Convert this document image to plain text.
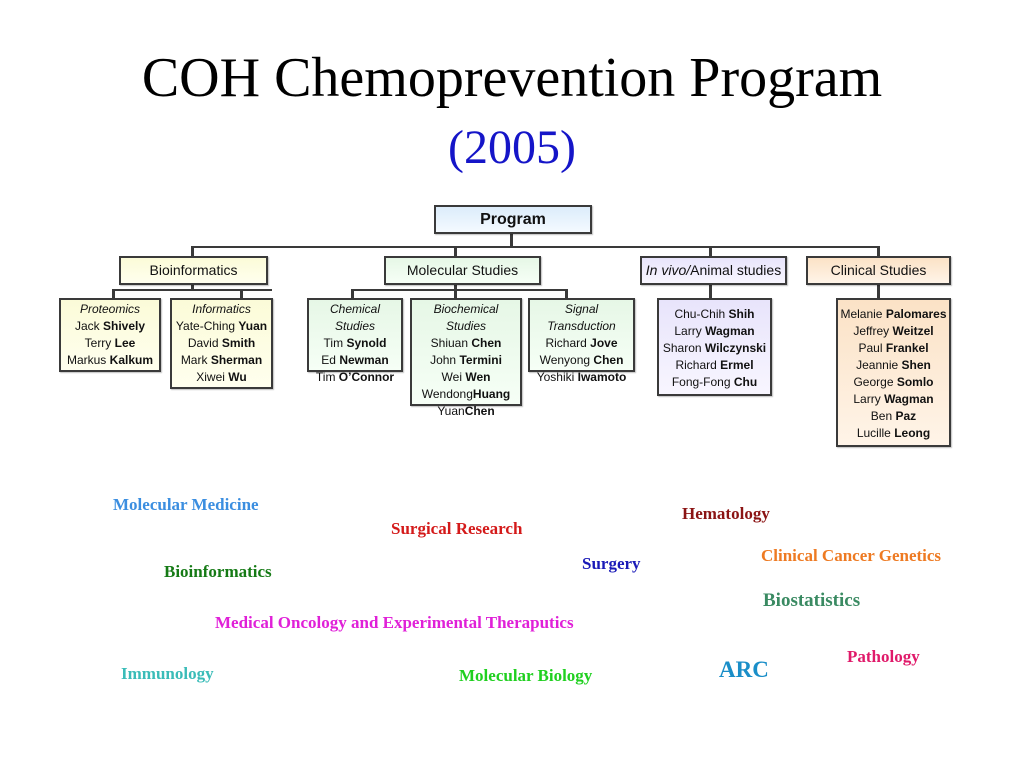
COH Chemoprevention Program
(2005)
Program
Bioinformatics	Molecular Studies	In vivo/Animal studies	Clinical Studies
Proteomics
Jack Shively
Terry Lee
Markus Kalkum
Informatics
Yate-Ching Yuan
David Smith
Mark Sherman
Xiwei Wu
Chemical Studies
Tim Synold
Ed Newman
Tim O’Connor
Biochemical Studies
Shiuan Chen
John Termini
Wei Wen
WendongHuang
YuanChen
Signal Transduction
Richard Jove
Wenyong Chen
Yoshiki Iwamoto
Chu-Chih Shih
Larry Wagman
Sharon Wilczynski
Richard Ermel
Fong-Fong Chu
Melanie Palomares
Jeffrey Weitzel
Paul Frankel
Jeannie Shen
George Somlo
Larry Wagman
Ben Paz
Lucille Leong
Molecular Medicine
Surgical Research
Hematology
Clinical Cancer Genetics
Surgery
Bioinformatics
Biostatistics
Medical Oncology and Experimental Theraputics
Pathology
ARC
Immunology	Molecular Biology
